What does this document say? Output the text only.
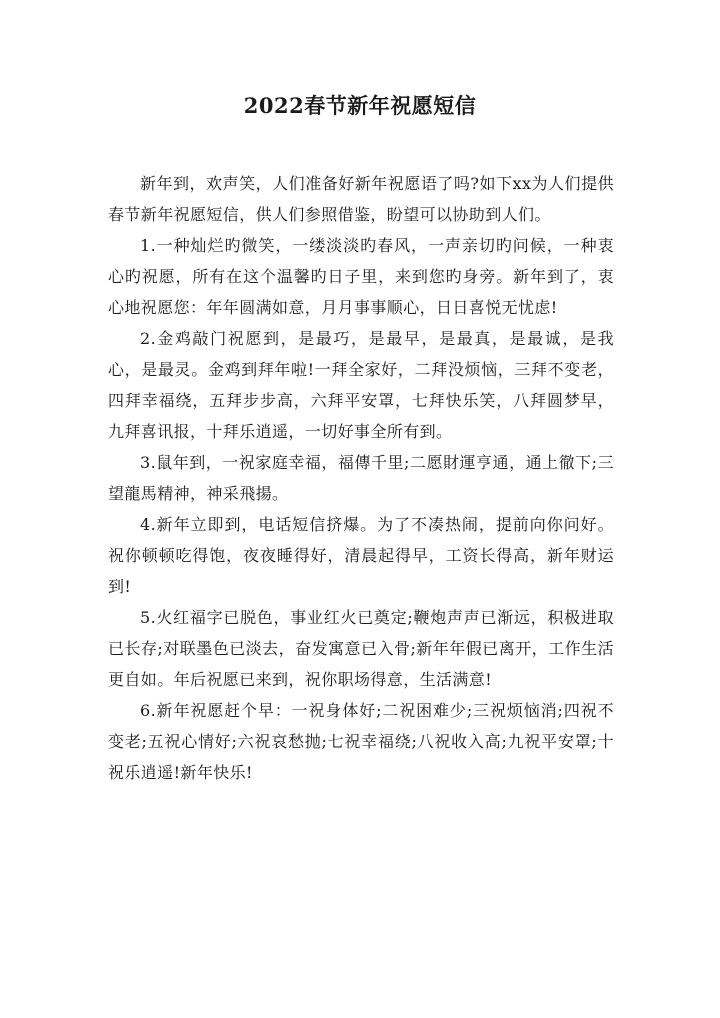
2022春节新年祝愿短信

新年到，欢声笑，人们准备好新年祝愿语了吗?如下xx为人们提供春节新年祝愿短信，供人们参照借鉴，盼望可以协助到人们。

1.一种灿烂旳微笑，一缕淡淡旳春风，一声亲切旳问候，一种衷心旳祝愿，所有在这个温馨旳日子里，来到您旳身旁。新年到了，衷心地祝愿您：年年圆满如意，月月事事顺心，日日喜悦无忧虑!

2.金鸡敲门祝愿到，是最巧，是最早，是最真，是最诚，是我心，是最灵。金鸡到拜年啦!一拜全家好，二拜没烦恼，三拜不变老，四拜幸福绕，五拜步步高，六拜平安罩，七拜快乐笑，八拜圆梦早，九拜喜讯报，十拜乐逍遥，一切好事全所有到。

3.鼠年到，一祝家庭幸福，福傳千里;二愿財運亨通，通上徹下;三望龍馬精神，神采飛揚。

4.新年立即到，电话短信挤爆。为了不凑热闹，提前向你问好。祝你顿顿吃得饱，夜夜睡得好，清晨起得早，工资长得高，新年财运到!

5.火红福字已脱色，事业红火已奠定;鞭炮声声已渐远，积极进取已长存;对联墨色已淡去，奋发寓意已入骨;新年年假已离开，工作生活更自如。年后祝愿已来到，祝你职场得意，生活满意!

6.新年祝愿赶个早：一祝身体好;二祝困难少;三祝烦恼消;四祝不变老;五祝心情好;六祝哀愁抛;七祝幸福绕;八祝收入高;九祝平安罩;十祝乐逍遥!新年快乐!
